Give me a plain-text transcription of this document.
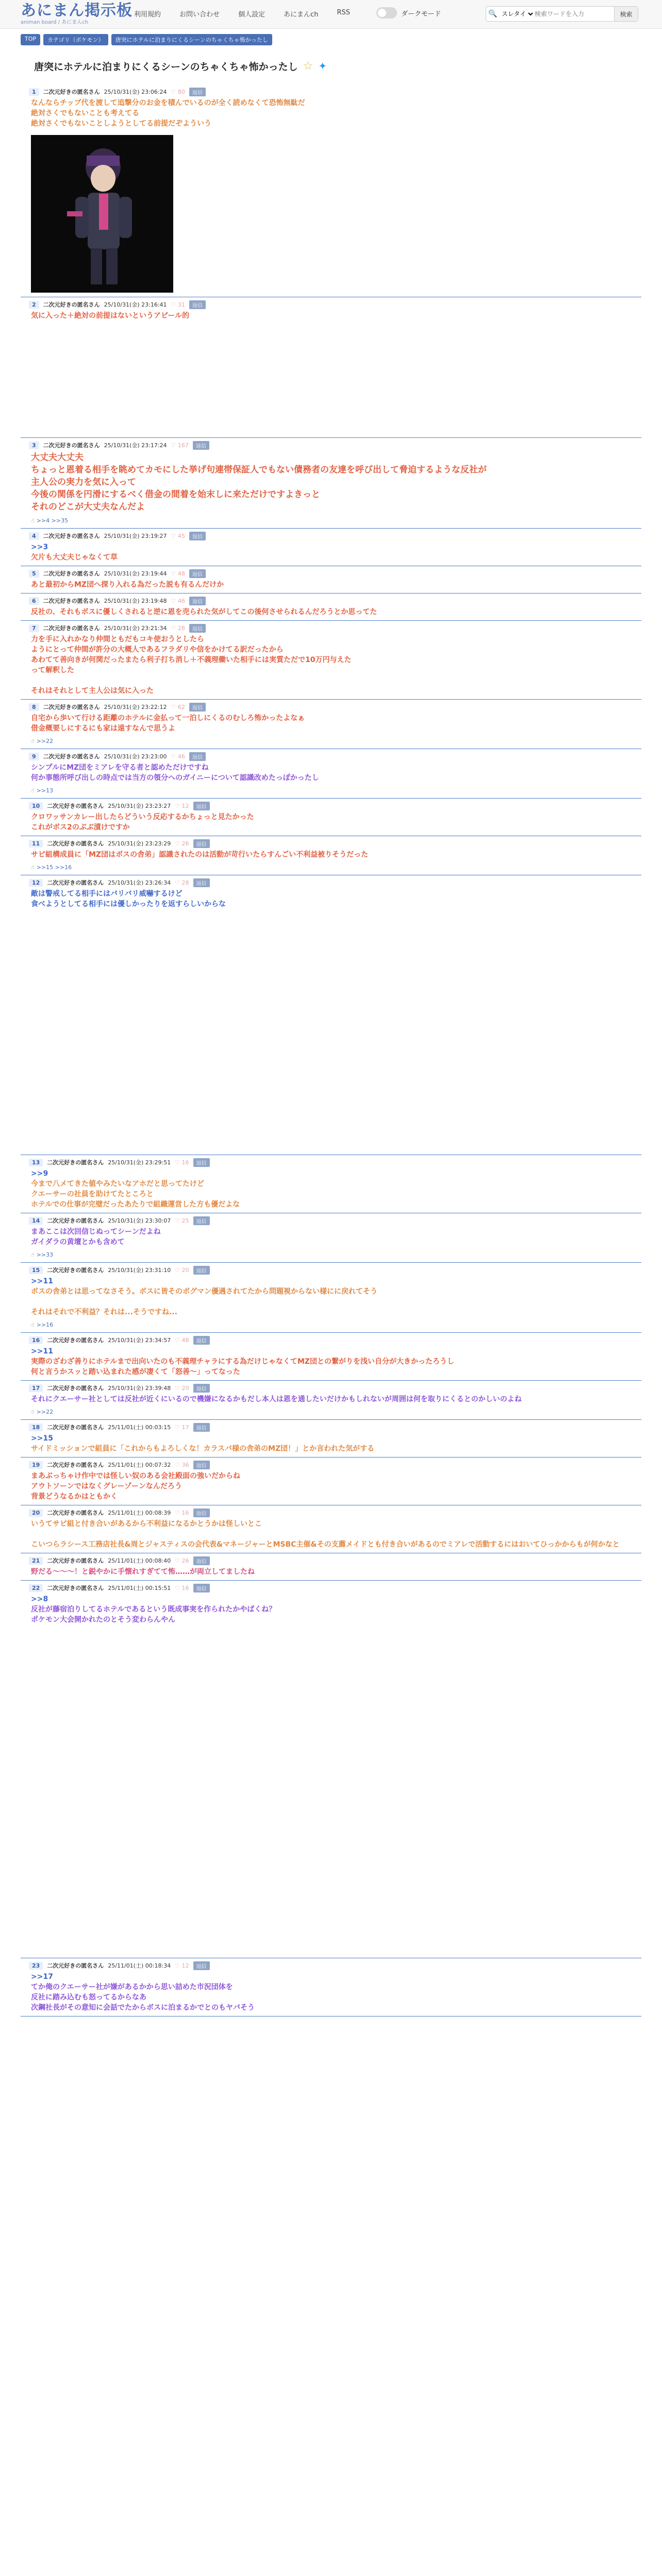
あにまん掲示板
animan board / あにまんch
利用規約	お問い合わせ	個人設定	あにまんch	RSS	ダークモード	🔍
スレタイ
検索ワードを入力	検索
TOP	カテゴリ（ポケモン）	唐突にホテルに泊まりにくるシーンのちゃくちゃ怖かったし
唐突にホテルに泊まりにくるシーンのちゃくちゃ怖かったし ☆ ✦
1	二次元好きの匿名さん 25/10/31(金) 23:06:24 ♡ 80	返信

なんならチップ代を渡して追撃分のお金を積んでいるのが全く読めなくて恐怖無駄だ

絶対さくでもないことも考えてる

絶対さくでもないことしようとしてる前提だぞよういう

2	二次元好きの匿名さん 25/10/31(金) 23:16:41 ♡ 31	返信

気に入った＋絶対の前提はないというアピール的

3	二次元好きの匿名さん 25/10/31(金) 23:17:24 ♡ 167	返信

大丈夫大丈夫

ちょっと恩着る相手を眺めてカモにした挙げ句連帯保証人でもない債務者の友達を呼び出して脅迫するような反社が

主人公の実力を気に入って

今後の関係を円滑にするべく借金の間着を始末しに来ただけですよきっと

それのどこが大丈夫なんだよ

☝ >>4 >>35
4	二次元好きの匿名さん 25/10/31(金) 23:19:27 ♡ 45	返信

>>3

欠片も大丈夫じゃなくて草

5	二次元好きの匿名さん 25/10/31(金) 23:19:44 ♡ 48	返信

あと最初からMZ団へ探り入れる為だった説も有るんだけか

6	二次元好きの匿名さん 25/10/31(金) 23:19:48 ♡ 46	返信

反社の、それもボスに優しくされると逆に恩を売られた気がしてこの後何させられるんだろうとか思ってた

7	二次元好きの匿名さん 25/10/31(金) 23:21:34 ♡ 28	返信

力を手に入れかなり仲間ともだもコキ使おうとしたら

ようにとって仲間が許分の大概人であるフラダリや信をかけてる訳だったから

あわてて善向きが何関だったまたら利子打ち消し＋不義理働いた相手には実質ただで10万円与えた

って解釈した

それはそれとして主人公は気に入った

8	二次元好きの匿名さん 25/10/31(金) 23:22:12 ♡ 62	返信

自宅から歩いて行ける距離のホテルに金払って一泊しにくるのむしろ怖かったよなぁ

借金概要しにするにも家は遠すなんで思うよ

☝ >>22
9	二次元好きの匿名さん 25/10/31(金) 23:23:00 ♡ 46	返信

シンプルにMZ団をミアレを守る者と認めただけですね

何か事態所呼び出しの時点では当方の領分へのガイニーについて認識改めたっぽかったし

☝ >>13
10	二次元好きの匿名さん 25/10/31(金) 23:23:27 ♡ 12	返信

クロワッサンカレー出したらどういう反応するかちょっと見たかった

これがボス2のぶぶ漬けですか

11	二次元好きの匿名さん 25/10/31(金) 23:23:29 ♡ 26	返信

サビ組構成員に「MZ団はボスの舎弟」認識されたのは活動が苛行いたらすんごい不利益被りそうだった

☝ >>15 >>16
12	二次元好きの匿名さん 25/10/31(金) 23:26:34 ♡ 28	返信

敵は警戒してる相手にはバリバリ威嚇するけど

食べようとしてる相手には優しかったりを返すらしいからな

13	二次元好きの匿名さん 25/10/31(金) 23:29:51 ♡ 16	返信

>>9

今まで八メてきた値やみたいなアホだと思ってたけど

クエーサーの社員を助けてたところと

ホテルでの仕事が完璧だったあたりで組織運営した方も優だよな

14	二次元好きの匿名さん 25/10/31(金) 23:30:07 ♡ 25	返信

まあここは次回信じぬってシーンだよね

ガイダラの黄壇とかも含めて

☝ >>33
15	二次元好きの匿名さん 25/10/31(金) 23:31:10 ♡ 20	返信

>>11

ボスの舎弟とは思ってなさそう。ボスに皆そのボグマン優遇されてたから問題視からない様にに戻れてそう

それはそれで不利益？それは...そうですね...

☝ >>16
16	二次元好きの匿名さん 25/10/31(金) 23:34:57 ♡ 48	返信

>>11

実際のざわざ善りにホテルまで出向いたのも不義理チャラにする為だけじゃなくてMZ団との繋がりを浅い自分が大きかったろうし

何と言うかスッと踏い込まれた感が凄くて「怒善～」ってなった

17	二次元好きの匿名さん 25/10/31(金) 23:39:48 ♡ 20	返信

それにクエーサー社としては反社が近くにいるので機嫌になるかもだし本人は恩を通したいだけかもしれないが周囲は何を取りにくるとのかしいのよね

☝ >>22
18	二次元好きの匿名さん 25/11/01(土) 00:03:15 ♡ 17	返信

>>15

サイドミッションで組員に「これからもよろしくな！カラスバ様の舎弟のMZ団！」とか言われた気がする

19	二次元好きの匿名さん 25/11/01(土) 00:07:32 ♡ 36	返信

まあぶっちゃけ作中では怪しい奴のある会社殿面の強いだからね

アウトソーンではなくグレーゾーンなんだろう

背景どうなるかはともかく

20	二次元好きの匿名さん 25/11/01(土) 00:08:39 ♡ 16	返信

いうてサビ組と付き合いがあるから不利益になるかとうかは怪しいとこ

こいつらラシース工務店社長&周とジャスティスの会代表&マネージャーとMSBC主催&その支薦メイドとも付き合いがあるのでミアレで活動するにはおいてひっかからもが何かなと

21	二次元好きの匿名さん 25/11/01(土) 00:08:40 ♡ 26	返信

野だる～～～！と鋭やかに手懐れすぎてて怖……が両立してましたね

22	二次元好きの匿名さん 25/11/01(土) 00:15:51 ♡ 16	返信

>>8

反社が藤宿泊りしてるホテルであるという既成事実を作られたかやばくね？

ポケモン大会開かれたのとそう変わらんやん

23	二次元好きの匿名さん 25/11/01(土) 00:18:34 ♡ 12	返信

>>17

てか俺のクエーサー社が嫌があるかから思い詰めた市況団体を

反社に踏み込むも怒ってるからなあ

次鋼社長がその意知に会話でたからボスに泊まるかでとのもヤバそう
